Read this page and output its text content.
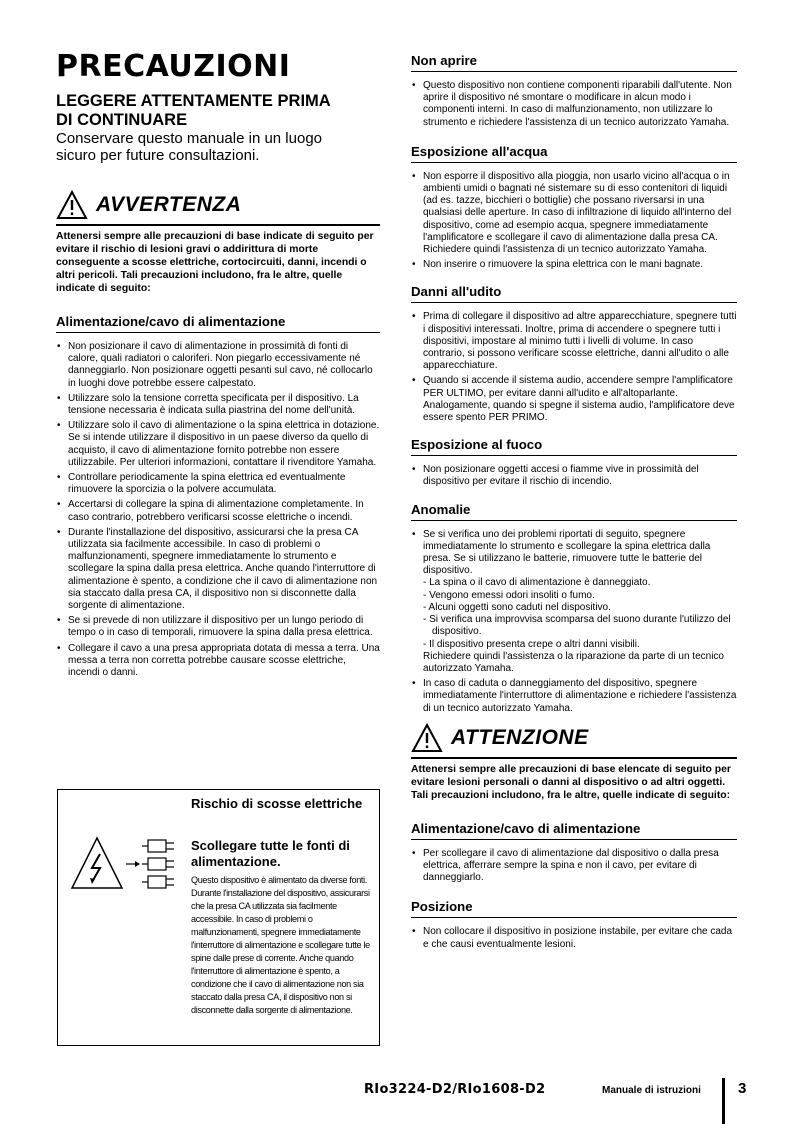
PRECAUZIONI

LEGGERE ATTENTAMENTE PRIMA

DI CONTINUARE

Conservare questo manuale in un luogo

sicuro per future consultazioni.

AVVERTENZA

Attenersi sempre alle precauzioni di base indicate di seguito per evitare il rischio di lesioni gravi o addirittura di morte conseguente a scosse elettriche, cortocircuiti, danni, incendi o altri pericoli. Tali precauzioni includono, fra le altre, quelle indicate di seguito:

Alimentazione/cavo di alimentazione
• Non posizionare il cavo di alimentazione in prossimità di fonti di calore, quali radiatori o caloriferi. Non piegarlo eccessivamente né danneggiarlo. Non posizionare oggetti pesanti sul cavo, né collocarlo in luoghi dove potrebbe essere calpestato.
• Utilizzare solo la tensione corretta specificata per il dispositivo. La tensione necessaria è indicata sulla piastrina del nome dell'unità.
• Utilizzare solo il cavo di alimentazione o la spina elettrica in dotazione.
Se si intende utilizzare il dispositivo in un paese diverso da quello di acquisto, il cavo di alimentazione fornito potrebbe non essere utilizzabile. Per ulteriori informazioni, contattare il rivenditore Yamaha.
• Controllare periodicamente la spina elettrica ed eventualmente rimuovere la sporcizia o la polvere accumulata.
• Accertarsi di collegare la spina di alimentazione completamente. In caso contrario, potrebbero verificarsi scosse elettriche o incendi.
• Durante l'installazione del dispositivo, assicurarsi che la presa CA utilizzata sia facilmente accessibile. In caso di problemi o malfunzionamenti, spegnere immediatamente lo strumento e scollegare la spina dalla presa elettrica. Anche quando l'interruttore di alimentazione è spento, a condizione che il cavo di alimentazione non sia staccato dalla presa CA, il dispositivo non si disconnette dalla sorgente di alimentazione.
• Se si prevede di non utilizzare il dispositivo per un lungo periodo di tempo o in caso di temporali, rimuovere la spina dalla presa elettrica.
• Collegare il cavo a una presa appropriata dotata di messa a terra. Una messa a terra non corretta potrebbe causare scosse elettriche, incendi o danni.
Rischio di scosse elettriche
Scollegare tutte le fonti di alimentazione.
Questo dispositivo è alimentato da diverse fonti. Durante l'installazione del dispositivo, assicurarsi che la presa CA utilizzata sia facilmente accessibile. In caso di problemi o malfunzionamenti, spegnere immediatamente l'interruttore di alimentazione e scollegare tutte le spine dalle prese di corrente. Anche quando l'interruttore di alimentazione è spento, a condizione che il cavo di alimentazione non sia staccato dalla presa CA, il dispositivo non si disconnette dalla sorgente di alimentazione.
Non aprire
• Questo dispositivo non contiene componenti riparabili dall'utente. Non aprire il dispositivo né smontare o modificare in alcun modo i componenti interni. In caso di malfunzionamento, non utilizzare lo strumento e richiedere l'assistenza di un tecnico autorizzato Yamaha.
Esposizione all'acqua
• Non esporre il dispositivo alla pioggia, non usarlo vicino all'acqua o in ambienti umidi o bagnati né sistemare su di esso contenitori di liquidi (ad es. tazze, bicchieri o bottiglie) che possano riversarsi in una qualsiasi delle aperture. In caso di infiltrazione di liquido all'interno del dispositivo, come ad esempio acqua, spegnere immediatamente l'amplificatore e scollegare il cavo di alimentazione dalla presa CA. Richiedere quindi l'assistenza di un tecnico autorizzato Yamaha.
• Non inserire o rimuovere la spina elettrica con le mani bagnate.
Danni all'udito
• Prima di collegare il dispositivo ad altre apparecchiature, spegnere tutti i dispositivi interessati. Inoltre, prima di accendere o spegnere tutti i dispositivi, impostare al minimo tutti i livelli di volume. In caso contrario, si possono verificare scosse elettriche, danni all'udito o alle apparecchiature.
• Quando si accende il sistema audio, accendere sempre l'amplificatore PER ULTIMO, per evitare danni all'udito e all'altoparlante. Analogamente, quando si spegne il sistema audio, l'amplificatore deve essere spento PER PRIMO.
Esposizione al fuoco
• Non posizionare oggetti accesi o fiamme vive in prossimità del dispositivo per evitare il rischio di incendio.
Anomalie
• Se si verifica uno dei problemi riportati di seguito, spegnere immediatamente lo strumento e scollegare la spina elettrica dalla presa. Se si utilizzano le batterie, rimuovere tutte le batterie del dispositivo.
- La spina o il cavo di alimentazione è danneggiato.
- Vengono emessi odori insoliti o fumo.
- Alcuni oggetti sono caduti nel dispositivo.
- Si verifica una improvvisa scomparsa del suono durante l'utilizzo del dispositivo.
- Il dispositivo presenta crepe o altri danni visibili.
Richiedere quindi l'assistenza o la riparazione da parte di un tecnico autorizzato Yamaha.
• In caso di caduta o danneggiamento del dispositivo, spegnere immediatamente l'interruttore di alimentazione e richiedere l'assistenza di un tecnico autorizzato Yamaha.
ATTENZIONE

Attenersi sempre alle precauzioni di base elencate di seguito per evitare lesioni personali o danni al dispositivo o ad altri oggetti. Tali precauzioni includono, fra le altre, quelle indicate di seguito:

Alimentazione/cavo di alimentazione
• Per scollegare il cavo di alimentazione dal dispositivo o dalla presa elettrica, afferrare sempre la spina e non il cavo, per evitare di danneggiarlo.
Posizione
• Non collocare il dispositivo in posizione instabile, per evitare che cada e che causi eventualmente lesioni.
RIo3224-D2/RIo1608-D2	Manuale di istruzioni 3
